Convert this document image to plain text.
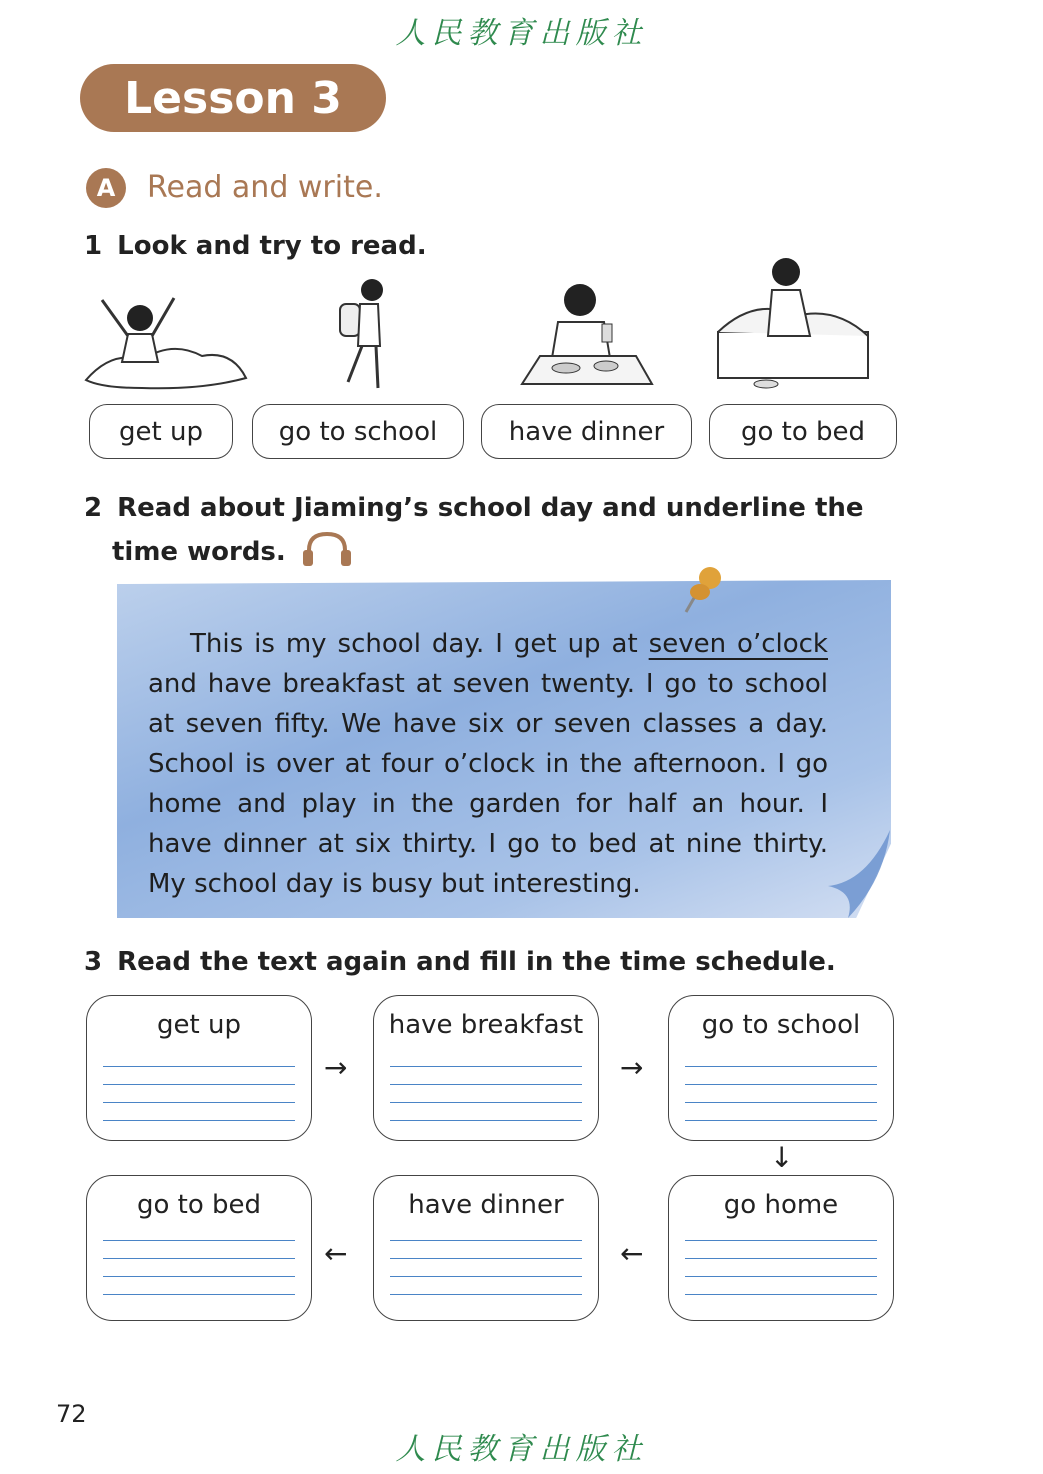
人民教育出版社
Lesson 3
A	Read and write.
1 Look and try to read.
get up	go to school	have dinner	go to bed
2 Read about Jiaming’s school day and underline the
time words.
This is my school day. I get up at seven o’clock and have breakfast at seven twenty. I go to school at seven fifty. We have six or seven classes a day. School is over at four o’clock in the afternoon. I go home and play in the garden for half an hour. I have dinner at six thirty. I go to bed at nine thirty. My school day is busy but interesting.
3 Read the text again and fill in the time schedule.
get up
→
have breakfast
→
go to school
↓
go to bed
←
have dinner
←
go home
72
人民教育出版社
